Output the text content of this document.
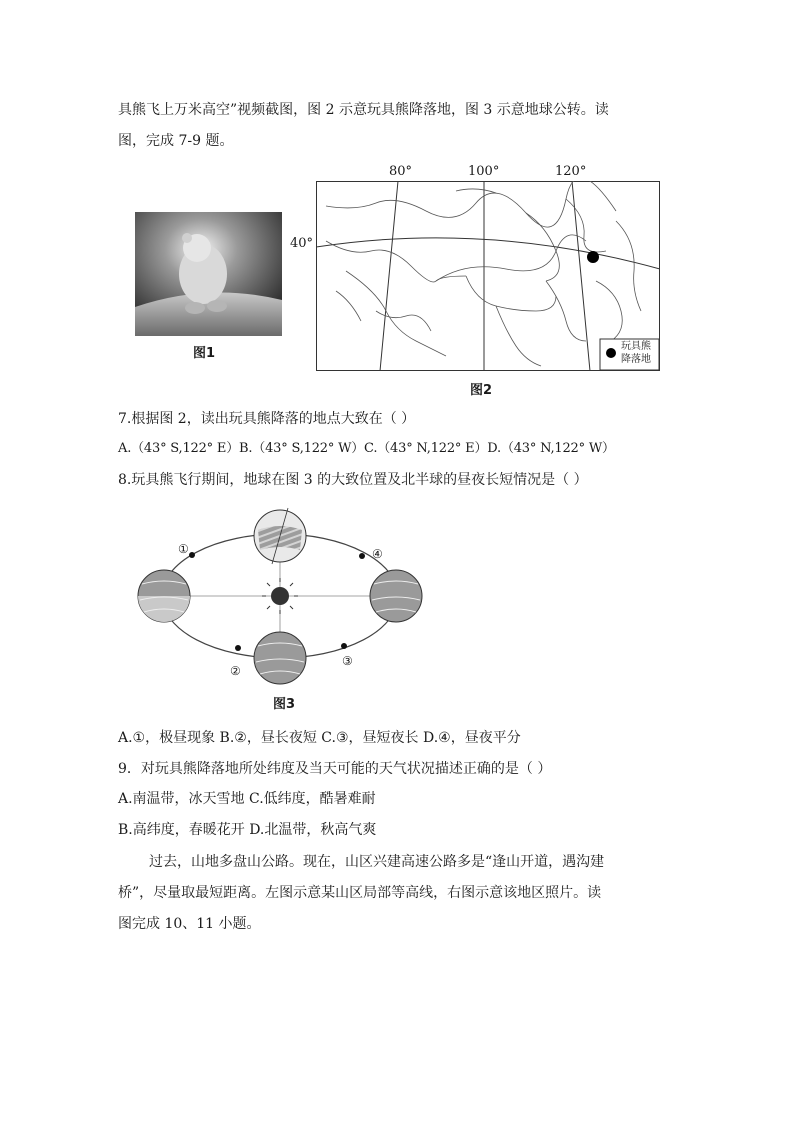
具熊飞上万米高空”视频截图，图 2 示意玩具熊降落地，图 3 示意地球公转。读
图，完成 7-9 题。
图1
80°	100°	120°
40°
玩具熊
降落地
图2
7.根据图 2，读出玩具熊降落的地点大致在（ ）
A.（43° S,122° E）B.（43° S,122° W）C.（43° N,122° E）D.（43° N,122° W）
8.玩具熊飞行期间，地球在图 3 的大致位置及北半球的昼夜长短情况是（ ）
①
②
③
④
图3
A.①，极昼现象 B.②，昼长夜短 C.③，昼短夜长 D.④，昼夜平分
9．对玩具熊降落地所处纬度及当天可能的天气状况描述正确的是（ ）
A.南温带，冰天雪地 C.低纬度，酷暑难耐
B.高纬度，春暖花开 D.北温带，秋高气爽
过去，山地多盘山公路。现在，山区兴建高速公路多是“逢山开道，遇沟建
桥”，尽量取最短距离。左图示意某山区局部等高线，右图示意该地区照片。读
图完成 10、11 小题。
